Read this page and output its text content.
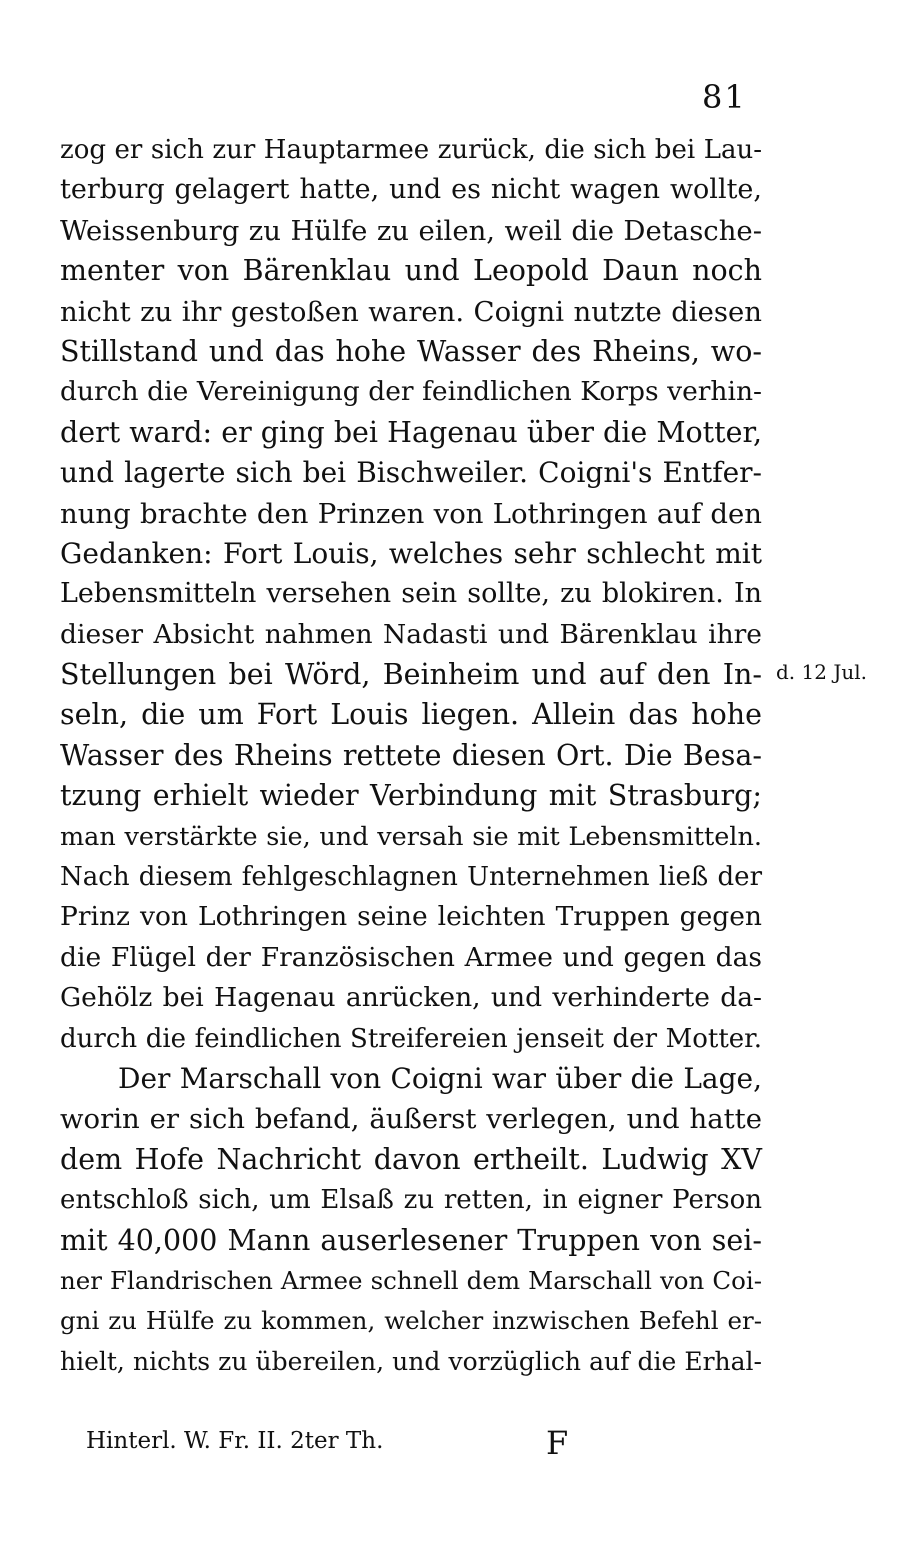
81
zog er sich zur Hauptarmee zurück, die sich bei Lau-
terburg gelagert hatte, und es nicht wagen wollte,
Weissenburg zu Hülfe zu eilen, weil die Detasche-
menter von Bärenklau und Leopold Daun noch
nicht zu ihr gestoßen waren. Coigni nutzte diesen
Stillstand und das hohe Wasser des Rheins, wo-
durch die Vereinigung der feindlichen Korps verhin-
dert ward: er ging bei Hagenau über die Motter,
und lagerte sich bei Bischweiler. Coigni's Entfer-
nung brachte den Prinzen von Lothringen auf den
Gedanken: Fort Louis, welches sehr schlecht mit
Lebensmitteln versehen sein sollte, zu blokiren. In
dieser Absicht nahmen Nadasti und Bärenklau ihre
Stellungen bei Wörd, Beinheim und auf den In-
seln, die um Fort Louis liegen. Allein das hohe
Wasser des Rheins rettete diesen Ort. Die Besa-
tzung erhielt wieder Verbindung mit Strasburg;
man verstärkte sie, und versah sie mit Lebensmitteln.
Nach diesem fehlgeschlagnen Unternehmen ließ der
Prinz von Lothringen seine leichten Truppen gegen
die Flügel der Französischen Armee und gegen das
Gehölz bei Hagenau anrücken, und verhinderte da-
durch die feindlichen Streifereien jenseit der Motter.
Der Marschall von Coigni war über die Lage,
worin er sich befand, äußerst verlegen, und hatte
dem Hofe Nachricht davon ertheilt. Ludwig XV
entschloß sich, um Elsaß zu retten, in eigner Person
mit 40,000 Mann auserlesener Truppen von sei-
ner Flandrischen Armee schnell dem Marschall von Coi-
gni zu Hülfe zu kommen, welcher inzwischen Befehl er-
hielt, nichts zu übereilen, und vorzüglich auf die Erhal-
d. 12 Jul.
Hinterl. W. Fr. II. 2ter Th.	F
